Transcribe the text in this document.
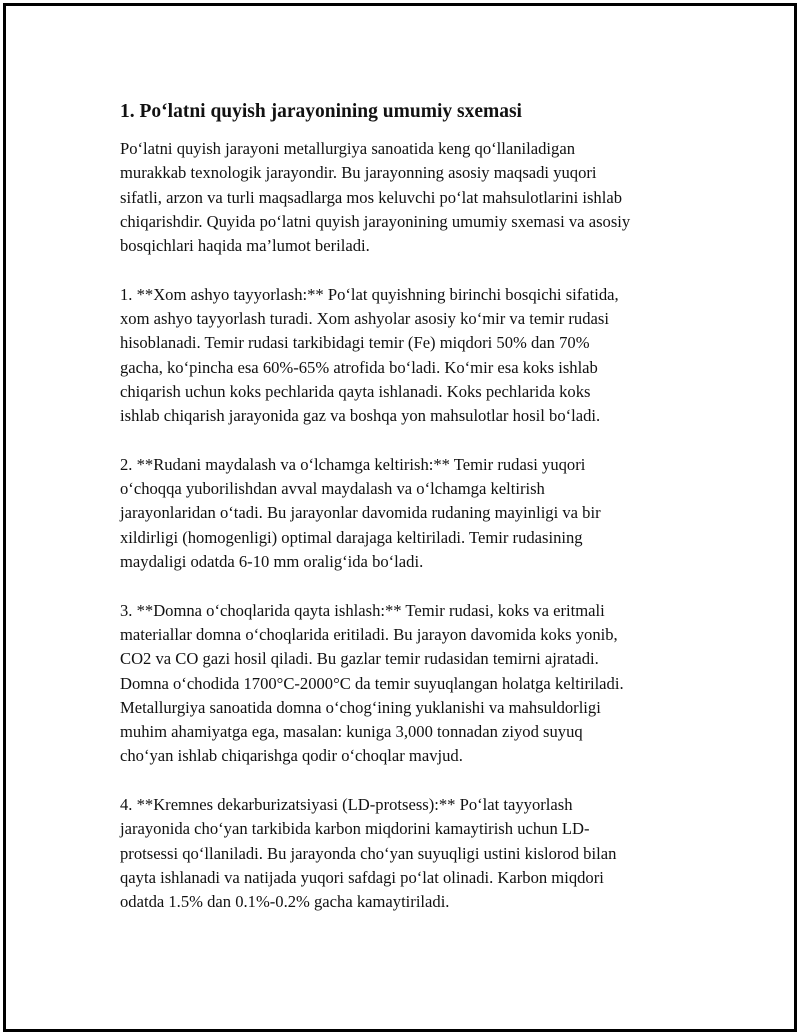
1. Po‘latni quyish jarayonining umumiy sxemasi

Po‘latni quyish jarayoni metallurgiya sanoatida keng qo‘llaniladigan
murakkab texnologik jarayondir. Bu jarayonning asosiy maqsadi yuqori
sifatli, arzon va turli maqsadlarga mos keluvchi po‘lat mahsulotlarini ishlab
chiqarishdir. Quyida po‘latni quyish jarayonining umumiy sxemasi va asosiy
bosqichlari haqida ma’lumot beriladi.

1. **Xom ashyo tayyorlash:** Po‘lat quyishning birinchi bosqichi sifatida,
xom ashyo tayyorlash turadi. Xom ashyolar asosiy ko‘mir va temir rudasi
hisoblanadi. Temir rudasi tarkibidagi temir (Fe) miqdori 50% dan 70%
gacha, ko‘pincha esa 60%-65% atrofida bo‘ladi. Ko‘mir esa koks ishlab
chiqarish uchun koks pechlarida qayta ishlanadi. Koks pechlarida koks
ishlab chiqarish jarayonida gaz va boshqa yon mahsulotlar hosil bo‘ladi.

2. **Rudani maydalash va o‘lchamga keltirish:** Temir rudasi yuqori
o‘choqqa yuborilishdan avval maydalash va o‘lchamga keltirish
jarayonlaridan o‘tadi. Bu jarayonlar davomida rudaning mayinligi va bir
xildirligi (homogenligi) optimal darajaga keltiriladi. Temir rudasining
maydaligi odatda 6-10 mm oralig‘ida bo‘ladi.

3. **Domna o‘choqlarida qayta ishlash:** Temir rudasi, koks va eritmali
materiallar domna o‘choqlarida eritiladi. Bu jarayon davomida koks yonib,
CO2 va CO gazi hosil qiladi. Bu gazlar temir rudasidan temirni ajratadi.
Domna o‘chodida 1700°C-2000°C da temir suyuqlangan holatga keltiriladi.
Metallurgiya sanoatida domna o‘chog‘ining yuklanishi va mahsuldorligi
muhim ahamiyatga ega, masalan: kuniga 3,000 tonnadan ziyod suyuq
cho‘yan ishlab chiqarishga qodir o‘choqlar mavjud.

4. **Kremnes dekarburizatsiyasi (LD-protsess):** Po‘lat tayyorlash
jarayonida cho‘yan tarkibida karbon miqdorini kamaytirish uchun LD-
protsessi qo‘llaniladi. Bu jarayonda cho‘yan suyuqligi ustini kislorod bilan
qayta ishlanadi va natijada yuqori safdagi po‘lat olinadi. Karbon miqdori
odatda 1.5% dan 0.1%-0.2% gacha kamaytiriladi.
